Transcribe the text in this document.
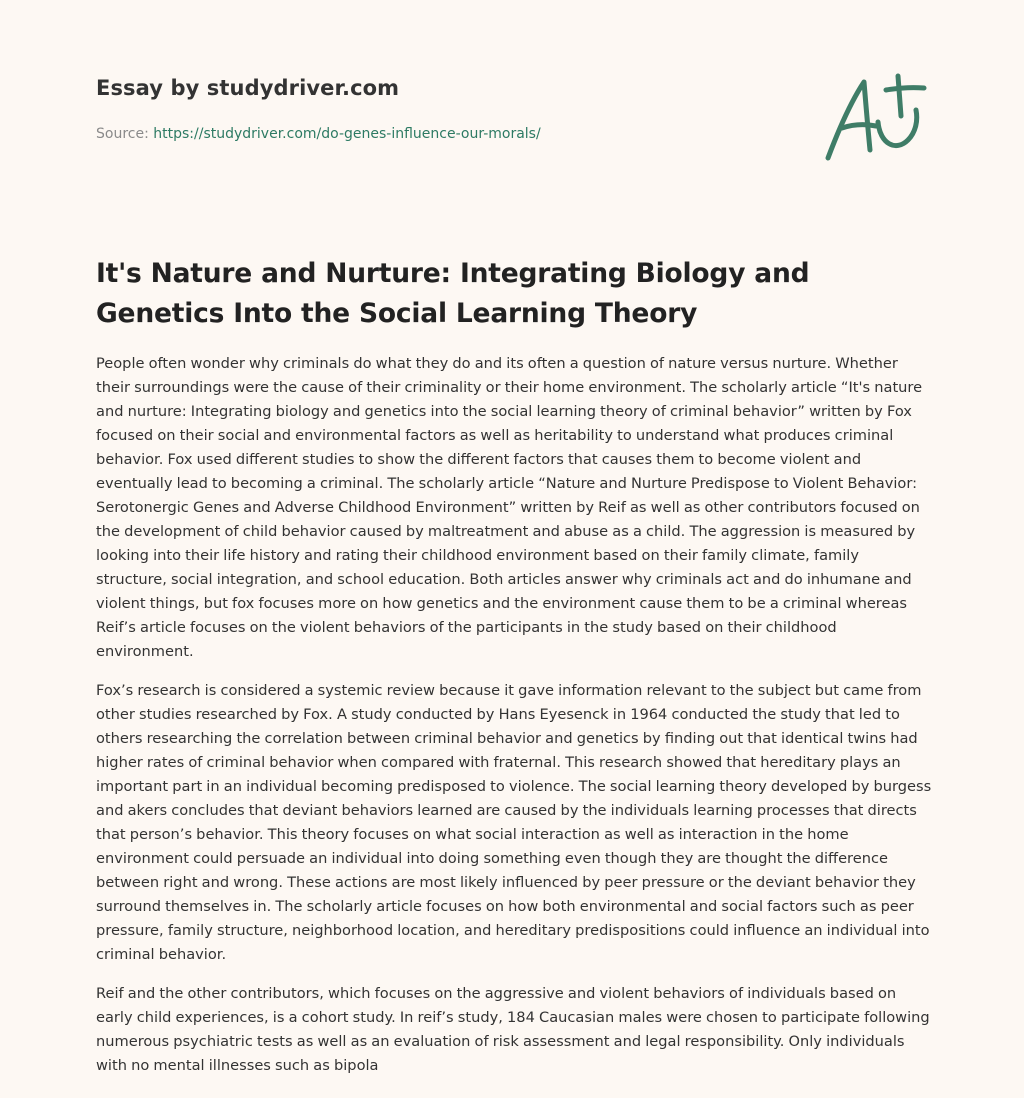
Essay by studydriver.com
Source: https://studydriver.com/do-genes-influence-our-morals/
It's Nature and Nurture: Integrating Biology and Genetics Into the Social Learning Theory

People often wonder why criminals do what they do and its often a question of nature versus nurture. Whether their surroundings were the cause of their criminality or their home environment. The scholarly article “It's nature and nurture: Integrating biology and genetics into the social learning theory of criminal behavior” written by Fox focused on their social and environmental factors as well as heritability to understand what produces criminal behavior. Fox used different studies to show the different factors that causes them to become violent and eventually lead to becoming a criminal. The scholarly article “Nature and Nurture Predispose to Violent Behavior: Serotonergic Genes and Adverse Childhood Environment” written by Reif as well as other contributors focused on the development of child behavior caused by maltreatment and abuse as a child. The aggression is measured by looking into their life history and rating their childhood environment based on their family climate, family structure, social integration, and school education. Both articles answer why criminals act and do inhumane and violent things, but fox focuses more on how genetics and the environment cause them to be a criminal whereas Reif’s article focuses on the violent behaviors of the participants in the study based on their childhood environment.

Fox’s research is considered a systemic review because it gave information relevant to the subject but came from other studies researched by Fox. A study conducted by Hans Eyesenck in 1964 conducted the study that led to others researching the correlation between criminal behavior and genetics by finding out that identical twins had higher rates of criminal behavior when compared with fraternal. This research showed that hereditary plays an important part in an individual becoming predisposed to violence. The social learning theory developed by burgess and akers concludes that deviant behaviors learned are caused by the individuals learning processes that directs that person’s behavior. This theory focuses on what social interaction as well as interaction in the home environment could persuade an individual into doing something even though they are thought the difference between right and wrong. These actions are most likely influenced by peer pressure or the deviant behavior they surround themselves in. The scholarly article focuses on how both environmental and social factors such as peer pressure, family structure, neighborhood location, and hereditary predispositions could influence an individual into criminal behavior.

Reif and the other contributors, which focuses on the aggressive and violent behaviors of individuals based on early child experiences, is a cohort study. In reif’s study, 184 Caucasian males were chosen to participate following numerous psychiatric tests as well as an evaluation of risk assessment and legal responsibility. Only individuals with no mental illnesses such as bipola
